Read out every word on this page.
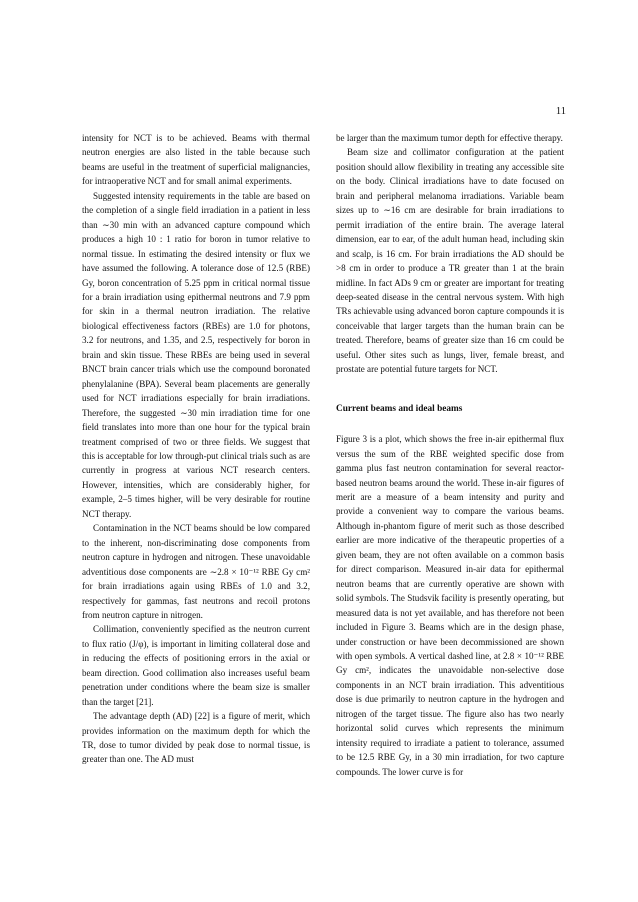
11

intensity for NCT is to be achieved. Beams with thermal neutron energies are also listed in the table because such beams are useful in the treatment of superficial malignancies, for intraoperative NCT and for small animal experiments.

Suggested intensity requirements in the table are based on the completion of a single field irradiation in a patient in less than ∼30 min with an advanced capture compound which produces a high 10 : 1 ratio for boron in tumor relative to normal tissue. In estimating the desired intensity or flux we have assumed the following. A tolerance dose of 12.5 (RBE) Gy, boron concentration of 5.25 ppm in critical normal tissue for a brain irradiation using epithermal neutrons and 7.9 ppm for skin in a thermal neutron irradiation. The relative biological effectiveness factors (RBEs) are 1.0 for photons, 3.2 for neutrons, and 1.35, and 2.5, respectively for boron in brain and skin tissue. These RBEs are being used in several BNCT brain cancer trials which use the compound boronated phenylalanine (BPA). Several beam placements are generally used for NCT irradiations especially for brain irradiations. Therefore, the suggested ∼30 min irradiation time for one field translates into more than one hour for the typical brain treatment comprised of two or three fields. We suggest that this is acceptable for low through-put clinical trials such as are currently in progress at various NCT research centers. However, intensities, which are considerably higher, for example, 2–5 times higher, will be very desirable for routine NCT therapy.

Contamination in the NCT beams should be low compared to the inherent, non-discriminating dose components from neutron capture in hydrogen and nitrogen. These unavoidable adventitious dose components are ∼2.8 × 10⁻¹² RBE Gy cm² for brain irradiations again using RBEs of 1.0 and 3.2, respectively for gammas, fast neutrons and recoil protons from neutron capture in nitrogen.

Collimation, conveniently specified as the neutron current to flux ratio (J/φ), is important in limiting collateral dose and in reducing the effects of positioning errors in the axial or beam direction. Good collimation also increases useful beam penetration under conditions where the beam size is smaller than the target [21].

The advantage depth (AD) [22] is a figure of merit, which provides information on the maximum depth for which the TR, dose to tumor divided by peak dose to normal tissue, is greater than one. The AD must

be larger than the maximum tumor depth for effective therapy.

Beam size and collimator configuration at the patient position should allow flexibility in treating any accessible site on the body. Clinical irradiations have to date focused on brain and peripheral melanoma irradiations. Variable beam sizes up to ∼16 cm are desirable for brain irradiations to permit irradiation of the entire brain. The average lateral dimension, ear to ear, of the adult human head, including skin and scalp, is 16 cm. For brain irradiations the AD should be >8 cm in order to produce a TR greater than 1 at the brain midline. In fact ADs 9 cm or greater are important for treating deep-seated disease in the central nervous system. With high TRs achievable using advanced boron capture compounds it is conceivable that larger targets than the human brain can be treated. Therefore, beams of greater size than 16 cm could be useful. Other sites such as lungs, liver, female breast, and prostate are potential future targets for NCT.

Current beams and ideal beams

Figure 3 is a plot, which shows the free in-air epithermal flux versus the sum of the RBE weighted specific dose from gamma plus fast neutron contamination for several reactor-based neutron beams around the world. These in-air figures of merit are a measure of a beam intensity and purity and provide a convenient way to compare the various beams. Although in-phantom figure of merit such as those described earlier are more indicative of the therapeutic properties of a given beam, they are not often available on a common basis for direct comparison. Measured in-air data for epithermal neutron beams that are currently operative are shown with solid symbols. The Studsvik facility is presently operating, but measured data is not yet available, and has therefore not been included in Figure 3. Beams which are in the design phase, under construction or have been decommissioned are shown with open symbols. A vertical dashed line, at 2.8 × 10⁻¹² RBE Gy cm², indicates the unavoidable non-selective dose components in an NCT brain irradiation. This adventitious dose is due primarily to neutron capture in the hydrogen and nitrogen of the target tissue. The figure also has two nearly horizontal solid curves which represents the minimum intensity required to irradiate a patient to tolerance, assumed to be 12.5 RBE Gy, in a 30 min irradiation, for two capture compounds. The lower curve is for
